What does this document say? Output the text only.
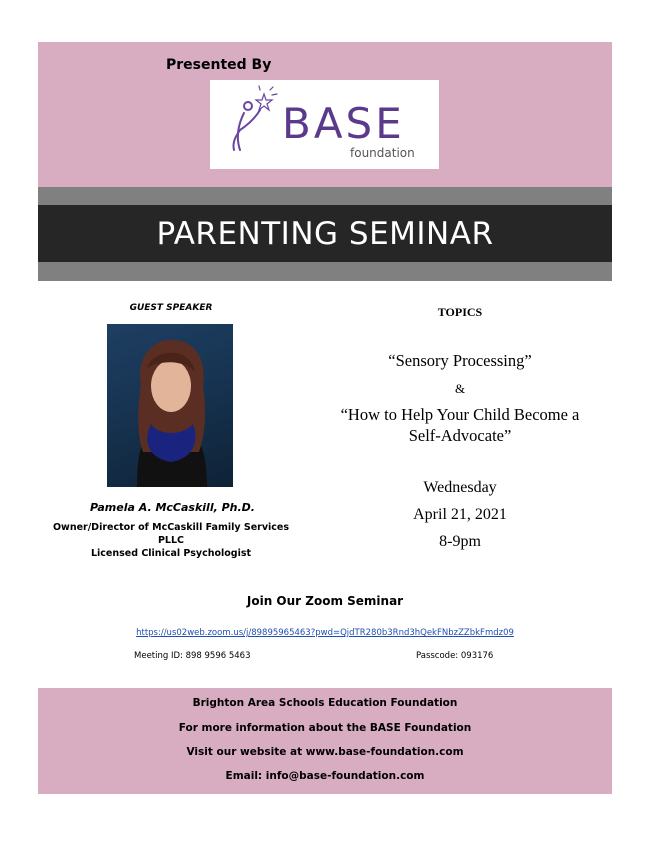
Presented By
BASE
foundation
PARENTING SEMINAR
GUEST SPEAKER
Pamela A. McCaskill, Ph.D.
Owner/Director of McCaskill Family Services PLLC
Licensed Clinical Psychologist
TOPICS
“Sensory Processing”
&
“How to Help Your Child Become a
Self-Advocate”
Wednesday
April 21, 2021
8-9pm
Join Our Zoom Seminar
https://us02web.zoom.us/j/89895965463?pwd=QjdTR280b3Rnd3hQekFNbzZZbkFmdz09
Meeting ID: 898 9596 5463	Passcode: 093176
Brighton Area Schools Education Foundation
For more information about the BASE Foundation
Visit our website at www.base-foundation.com
Email: info@base-foundation.com
